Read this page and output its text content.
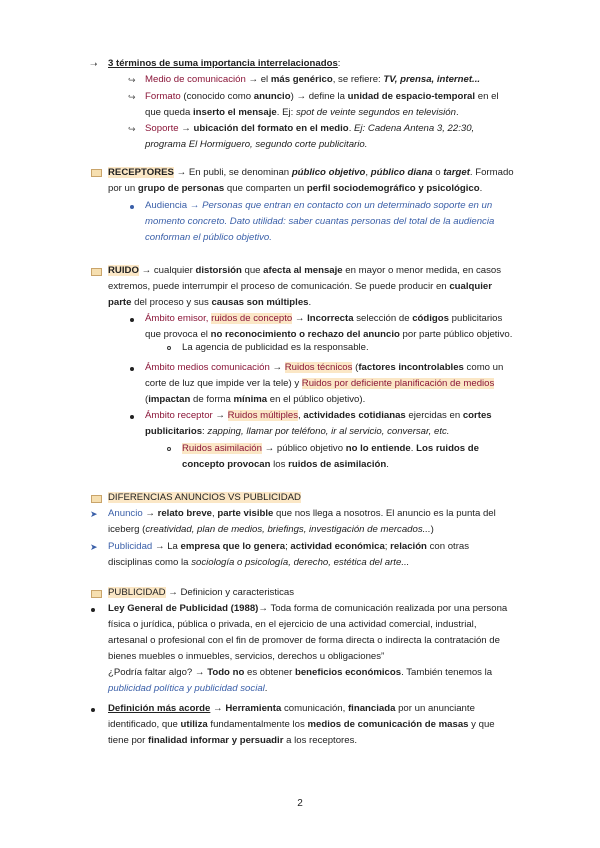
➝ 3 términos de suma importancia interrelacionados:
↪ Medio de comunicación → el más genérico, se refiere: TV, prensa, internet...
↪ Formato (conocido como anuncio) → define la unidad de espacio-temporal en el
que queda inserto el mensaje. Ej: spot de veinte segundos en televisión.
↪ Soporte → ubicación del formato en el medio. Ej: Cadena Antena 3, 22:30,
programa El Hormiguero, segundo corte publicitario.
RECEPTORES → En publi, se denominan público objetivo, público diana o target. Formado
por un grupo de personas que comparten un perfil sociodemográfico y psicológico.
Audiencia → Personas que entran en contacto con un determinado soporte en un
momento concreto. Dato utilidad: saber cuantas personas del total de la audiencia
conforman el público objetivo.
RUIDO → cualquier distorsión que afecta al mensaje en mayor o menor medida, en casos
extremos, puede interrumpir el proceso de comunicación. Se puede producir en cualquier
parte del proceso y sus causas son múltiples.
Ámbito emisor, ruidos de concepto → Incorrecta selección de códigos publicitarios
que provoca el no reconocimiento o rechazo del anuncio por parte público objetivo.
La agencia de publicidad es la responsable.
Ámbito medios comunicación → Ruidos técnicos (factores incontrolables como un
corte de luz que impide ver la tele) y Ruidos por deficiente planificación de medios
(impactan de forma mínima en el público objetivo).
Ámbito receptor → Ruidos múltiples, actividades cotidianas ejercidas en cortes
publicitarios: zapping, llamar por teléfono, ir al servicio, conversar, etc.
Ruidos asimilación → público objetivo no lo entiende. Los ruidos de
concepto provocan los ruidos de asimilación.
DIFERENCIAS ANUNCIOS VS PUBLICIDAD
➤ Anuncio → relato breve, parte visible que nos llega a nosotros. El anuncio es la punta del
iceberg (creatividad, plan de medios, briefings, investigación de mercados...)
➤ Publicidad → La empresa que lo genera; actividad económica; relación con otras
disciplinas como la sociología o psicología, derecho, estética del arte...
PUBLICIDAD → Definicion y caracteristicas
Ley General de Publicidad (1988)→ Toda forma de comunicación realizada por una persona
física o jurídica, pública o privada, en el ejercicio de una actividad comercial, industrial,
artesanal o profesional con el fin de promover de forma directa o indirecta la contratación de
bienes muebles o inmuebles, servicios, derechos u obligaciones”
¿Podría faltar algo? → Todo no es obtener beneficios económicos. También tenemos la
publicidad política y publicidad social.
Definición más acorde → Herramienta comunicación, financiada por un anunciante
identificado, que utiliza fundamentalmente los medios de comunicación de masas y que
tiene por finalidad informar y persuadir a los receptores.
2
